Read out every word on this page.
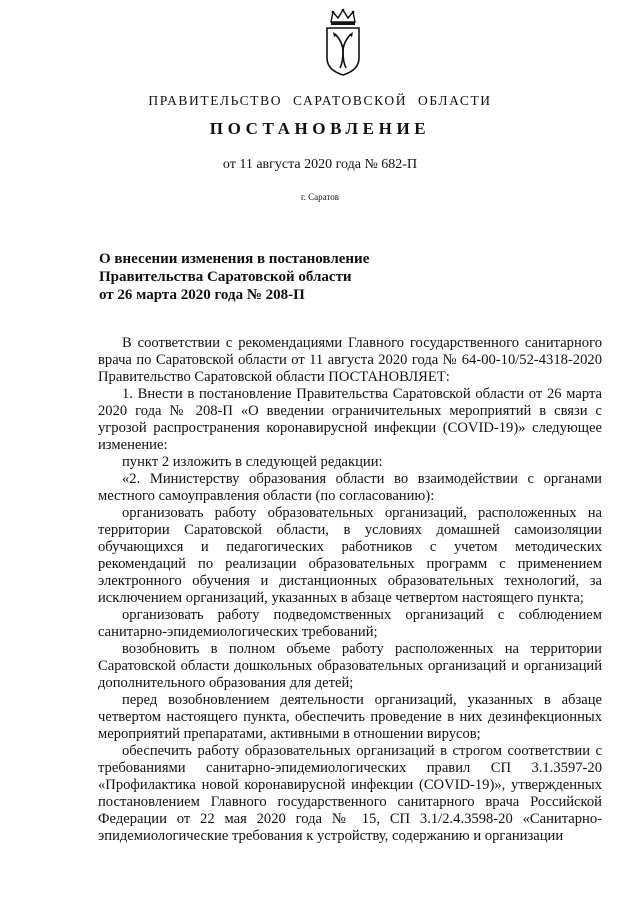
ПРАВИТЕЛЬСТВО САРАТОВСКОЙ ОБЛАСТИ
ПОСТАНОВЛЕНИЕ
от 11 августа 2020 года № 682-П
г. Саратов
О внесении изменения в постановление
Правительства Саратовской области
от 26 марта 2020 года № 208-П

В соответствии с рекомендациями Главного государственного санитарного врача по Саратовской области от 11 августа 2020 года № 64-00-10/52-4318-2020 Правительство Саратовской области ПОСТАНОВЛЯЕТ:

1. Внести в постановление Правительства Саратовской области от 26 марта 2020 года № 208-П «О введении ограничительных мероприятий в связи с угрозой распространения коронавирусной инфекции (COVID-19)» следующее изменение:

пункт 2 изложить в следующей редакции:

«2. Министерству образования области во взаимодействии с органами местного самоуправления области (по согласованию):

организовать работу образовательных организаций, расположенных на территории Саратовской области, в условиях домашней самоизоляции обучающихся и педагогических работников с учетом методических рекомендаций по реализации образовательных программ с применением электронного обучения и дистанционных образовательных технологий, за исключением организаций, указанных в абзаце четвертом настоящего пункта;

организовать работу подведомственных организаций с соблюдением санитарно-эпидемиологических требований;

возобновить в полном объеме работу расположенных на территории Саратовской области дошкольных образовательных организаций и организаций дополнительного образования для детей;

перед возобновлением деятельности организаций, указанных в абзаце четвертом настоящего пункта, обеспечить проведение в них дезинфекционных мероприятий препаратами, активными в отношении вирусов;

обеспечить работу образовательных организаций в строгом соответствии с требованиями санитарно-эпидемиологических правил СП 3.1.3597-20 «Профилактика новой коронавирусной инфекции (COVID-19)», утвержденных постановлением Главного государственного санитарного врача Российской Федерации от 22 мая 2020 года № 15, СП 3.1/2.4.3598-20 «Санитарно-эпидемиологические требования к устройству, содержанию и организации
